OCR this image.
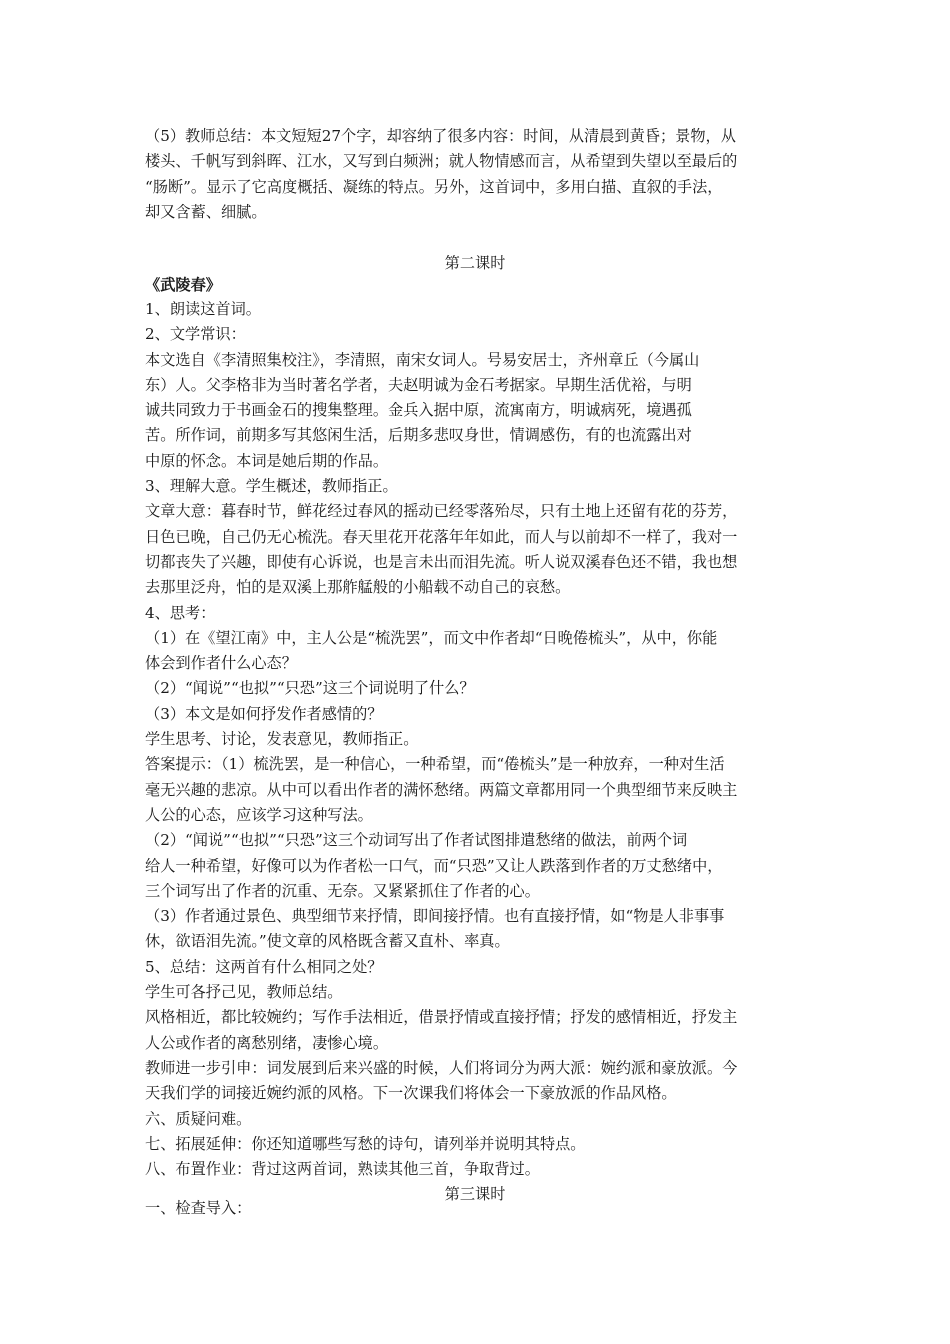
（5）教师总结：本文短短27个字，却容纳了很多内容：时间，从清晨到黄昏；景物，从

楼头、千帆写到斜晖、江水，又写到白频洲；就人物情感而言，从希望到失望以至最后的

“肠断”。显示了它高度概括、凝练的特点。另外，这首词中，多用白描、直叙的手法，

却又含蓄、细腻。

第二课时
《武陵春》

1、朗读这首词。

2、文学常识：

本文选自《李清照集校注》，李清照，南宋女词人。号易安居士，齐州章丘（今属山

东）人。父李格非为当时著名学者，夫赵明诚为金石考据家。早期生活优裕，与明

诚共同致力于书画金石的搜集整理。金兵入据中原，流寓南方，明诚病死，境遇孤

苦。所作词，前期多写其悠闲生活，后期多悲叹身世，情调感伤，有的也流露出对

中原的怀念。本词是她后期的作品。

3、理解大意。学生概述，教师指正。

文章大意：暮春时节，鲜花经过春风的摇动已经零落殆尽，只有土地上还留有花的芬芳，

日色已晚，自己仍无心梳洗。春天里花开花落年年如此，而人与以前却不一样了，我对一

切都丧失了兴趣，即使有心诉说，也是言未出而泪先流。听人说双溪春色还不错，我也想

去那里泛舟，怕的是双溪上那舴艋般的小船载不动自己的哀愁。

4、思考：

（1）在《望江南》中，主人公是“梳洗罢”，而文中作者却“日晚倦梳头”，从中，你能

体会到作者什么心态？

（2）“闻说”“也拟”“只恐”这三个词说明了什么？

（3）本文是如何抒发作者感情的？

学生思考、讨论，发表意见，教师指正。

答案提示：（1）梳洗罢，是一种信心，一种希望，而“倦梳头”是一种放弃，一种对生活

毫无兴趣的悲凉。从中可以看出作者的满怀愁绪。两篇文章都用同一个典型细节来反映主

人公的心态，应该学习这种写法。

（2）“闻说”“也拟”“只恐”这三个动词写出了作者试图排遣愁绪的做法，前两个词

给人一种希望，好像可以为作者松一口气，而“只恐”又让人跌落到作者的万丈愁绪中，

三个词写出了作者的沉重、无奈。又紧紧抓住了作者的心。

（3）作者通过景色、典型细节来抒情，即间接抒情。也有直接抒情，如“物是人非事事

休，欲语泪先流。”使文章的风格既含蓄又直朴、率真。

5、总结：这两首有什么相同之处？

学生可各抒己见，教师总结。

风格相近，都比较婉约；写作手法相近，借景抒情或直接抒情；抒发的感情相近，抒发主

人公或作者的离愁别绪，凄惨心境。

教师进一步引申：词发展到后来兴盛的时候，人们将词分为两大派：婉约派和豪放派。今

天我们学的词接近婉约派的风格。下一次课我们将体会一下豪放派的作品风格。

六、质疑问难。

七、拓展延伸：你还知道哪些写愁的诗句，请列举并说明其特点。

八、布置作业：背过这两首词，熟读其他三首，争取背过。

第三课时
一、检查导入：
